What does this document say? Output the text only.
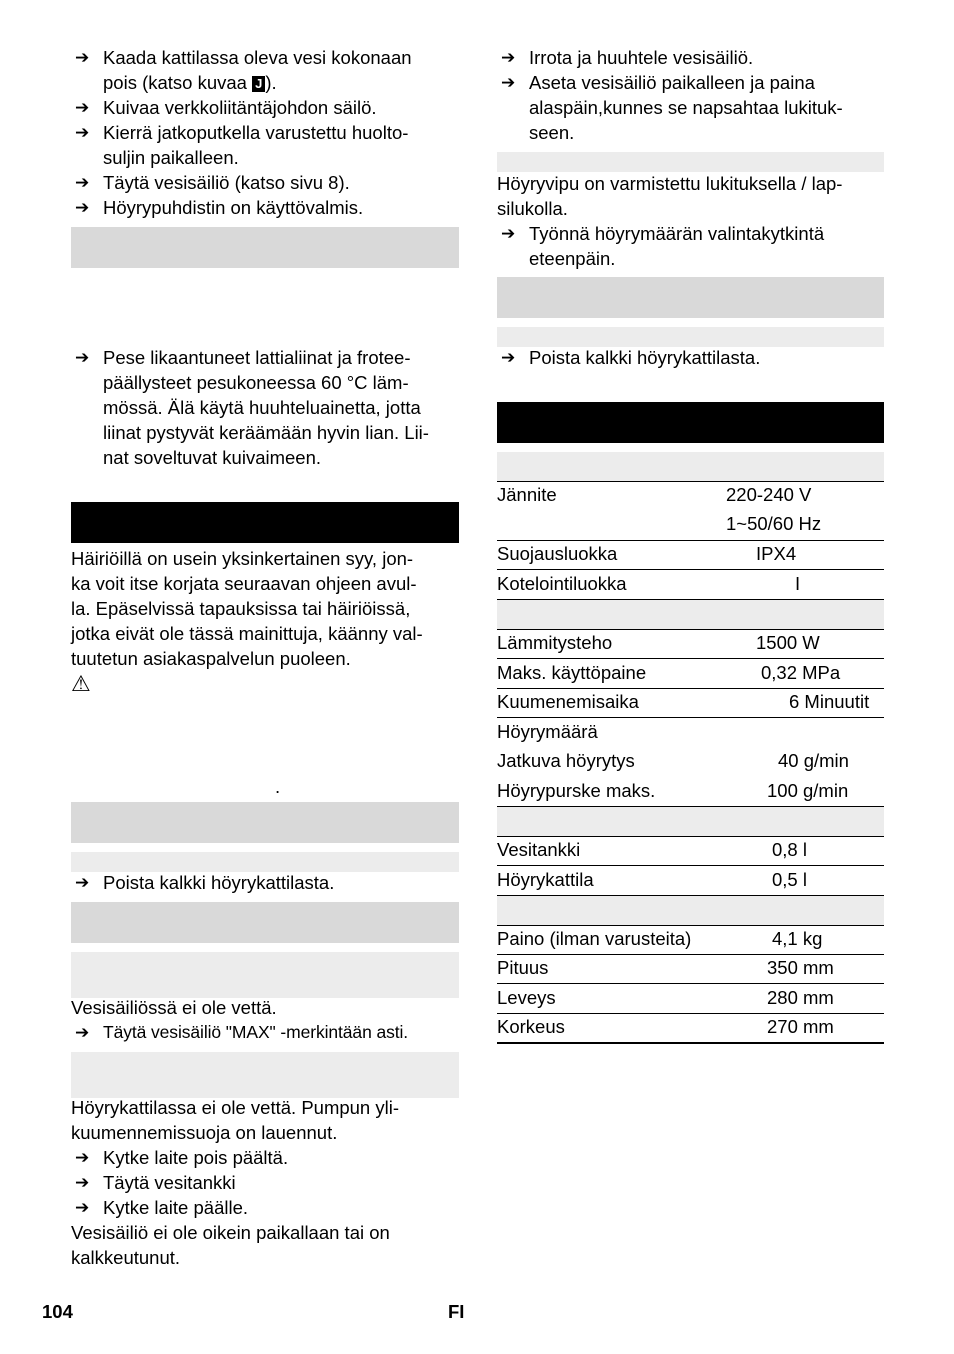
➔ Kaada kattilassa oleva vesi kokonaan
pois (katso kuvaa J ).
➔ Kuivaa verkkoliitäntäjohdon säilö.
➔ Kierrä jatkoputkella varustettu huolto-
suljin paikalleen.
➔ Täytä vesisäiliö (katso sivu 8).
➔ Höyrypuhdistin on käyttövalmis.
➔ Pese likaantuneet lattialiinat ja frotee-
päällysteet pesukoneessa 60 °C läm-
mössä. Älä käytä huuhteluainetta, jotta
liinat pystyvät keräämään hyvin lian. Lii-
nat soveltuvat kuivaimeen.
Häiriöillä on usein yksinkertainen syy, jon-
ka voit itse korjata seuraavan ohjeen avul-
la. Epäselvissä tapauksissa tai häiriöissä,
jotka eivät ole tässä mainittuja, käänny val-
tuutetun asiakaspalvelun puoleen.
⚠
.
➔ Poista kalkki höyrykattilasta.
Vesisäiliössä ei ole vettä.
➔ Täytä vesisäiliö "MAX" -merkintään asti.
Höyrykattilassa ei ole vettä. Pumpun yli-
kuumennemissuoja on lauennut.
➔ Kytke laite pois päältä.
➔ Täytä vesitankki
➔ Kytke laite päälle.
Vesisäiliö ei ole oikein paikallaan tai on
kalkkeutunut.
➔ Irrota ja huuhtele vesisäiliö.
➔ Aseta vesisäiliö paikalleen ja paina
alaspäin,kunnes se napsahtaa lukituk-
seen.
Höyryvipu on varmistettu lukituksella / lap-
silukolla.
➔ Työnnä höyrymäärän valintakytkintä
eteenpäin.
➔ Poista kalkki höyrykattilasta.
Jännite	220-240 V
1~50/60 Hz
Suojausluokka	IPX4
Kotelointiluokka	I
Lämmitysteho	1500 W
Maks. käyttöpaine	0,32 MPa
Kuumenemisaika	6 Minuutit
Höyrymäärä
Jatkuva höyrytys	40 g/min
Höyrypurske maks.	100 g/min
Vesitankki	0,8 l
Höyrykattila	0,5 l
Paino (ilman varusteita)	4,1 kg
Pituus	350 mm
Leveys	280 mm
Korkeus	270 mm
104	FI
